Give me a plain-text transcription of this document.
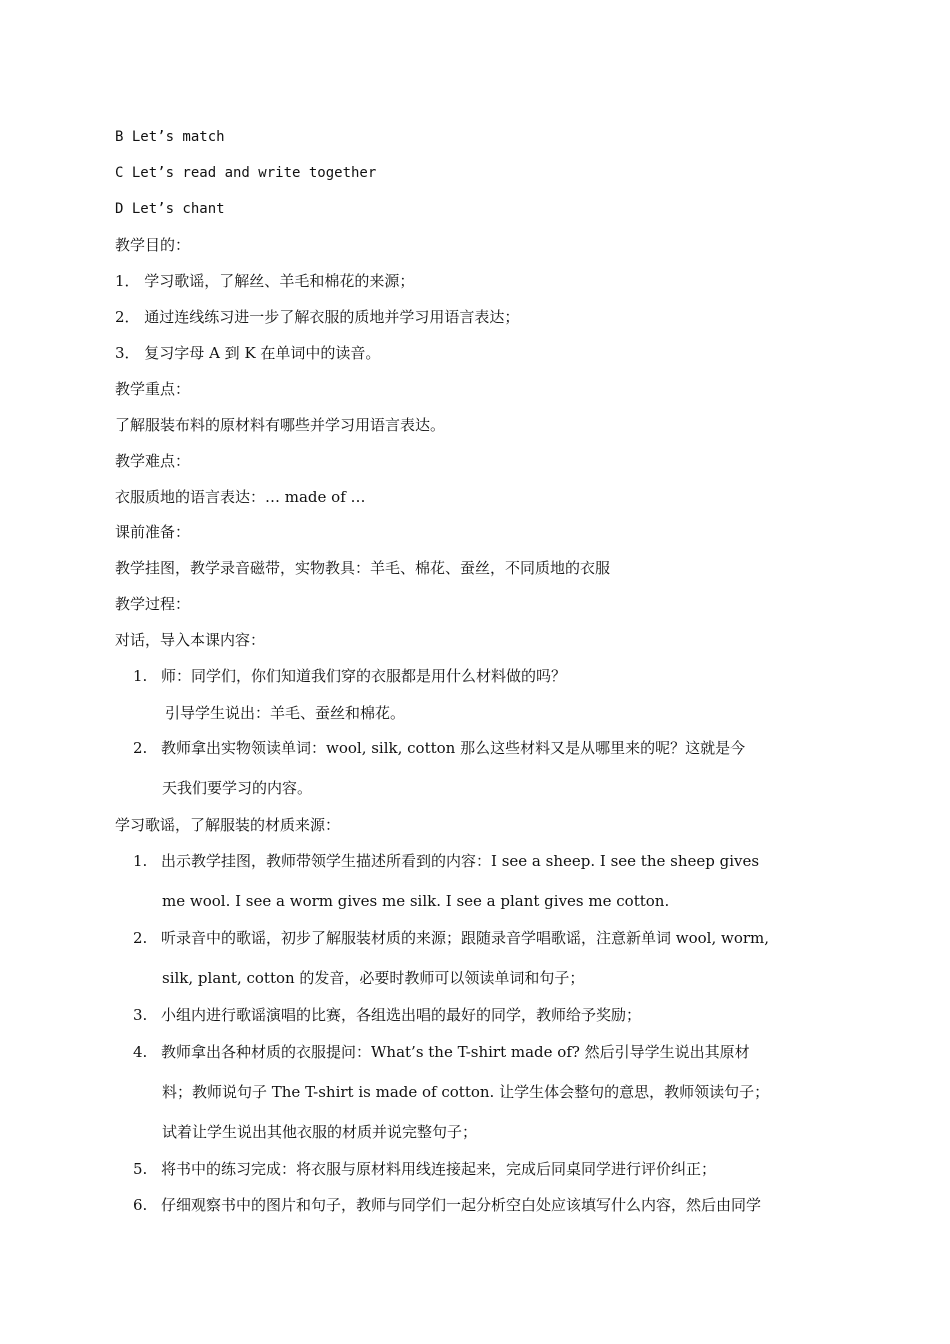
B Let’s match
C Let’s read and write together
D Let’s chant
教学目的：
1． 学习歌谣，了解丝、羊毛和棉花的来源；
2． 通过连线练习进一步了解衣服的质地并学习用语言表达；
3． 复习字母 A 到 K 在单词中的读音。
教学重点：
了解服装布料的原材料有哪些并学习用语言表达。
教学难点：
衣服质地的语言表达：… made of …
课前准备：
教学挂图，教学录音磁带，实物教具：羊毛、棉花、蚕丝，不同质地的衣服
教学过程：
对话，导入本课内容：
1. 师：同学们，你们知道我们穿的衣服都是用什么材料做的吗？
引导学生说出：羊毛、蚕丝和棉花。
2. 教师拿出实物领读单词：wool, silk, cotton 那么这些材料又是从哪里来的呢？这就是今
天我们要学习的内容。
学习歌谣，了解服装的材质来源：
1. 出示教学挂图，教师带领学生描述所看到的内容：I see a sheep. I see the sheep gives
me wool. I see a worm gives me silk. I see a plant gives me cotton.
2. 听录音中的歌谣，初步了解服装材质的来源；跟随录音学唱歌谣，注意新单词 wool, worm,
silk, plant, cotton 的发音，必要时教师可以领读单词和句子；
3. 小组内进行歌谣演唱的比赛，各组选出唱的最好的同学，教师给予奖励；
4. 教师拿出各种材质的衣服提问：What’s the T-shirt made of? 然后引导学生说出其原材
料；教师说句子 The T-shirt is made of cotton. 让学生体会整句的意思，教师领读句子；
试着让学生说出其他衣服的材质并说完整句子；
5. 将书中的练习完成：将衣服与原材料用线连接起来，完成后同桌同学进行评价纠正；
6. 仔细观察书中的图片和句子，教师与同学们一起分析空白处应该填写什么内容，然后由同学
